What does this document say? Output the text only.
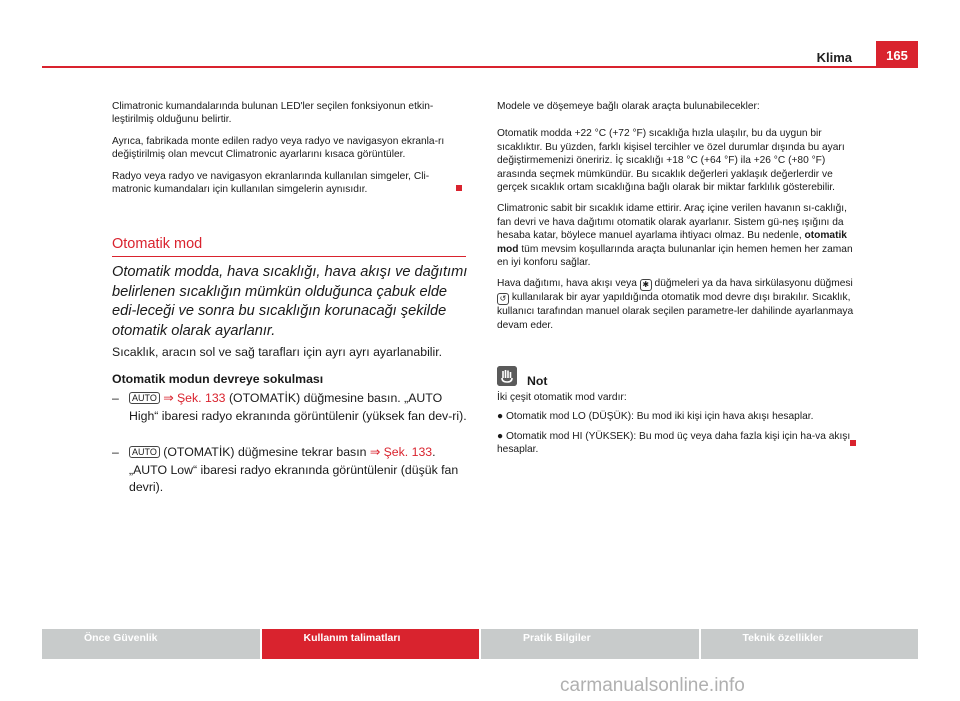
Klima	165

Climatronic kumandalarında bulunan LED'ler seçilen fonksiyonun etkin-leştirilmiş olduğunu belirtir.

Ayrıca, fabrikada monte edilen radyo veya radyo ve navigasyon ekranla-rı değiştirilmiş olan mevcut Climatronic ayarlarını kısaca görüntüler.

Radyo veya radyo ve navigasyon ekranlarında kullanılan simgeler, Cli-matronic kumandaları için kullanılan simgelerin aynısıdır.

Otomatik mod
Otomatik modda, hava sıcaklığı, hava akışı ve dağıtımı belirlenen sıcaklığın mümkün olduğunca çabuk elde edi-leceği ve sonra bu sıcaklığın korunacağı şekilde otomatik olarak ayarlanır.

Sıcaklık, aracın sol ve sağ tarafları için ayrı ayrı ayarlanabilir.

Otomatik modun devreye sokulması
–	AUTO ⇒ Şek. 133 (OTOMATİK) düğmesine basın. „AUTO High“ ibaresi radyo ekranında görüntülenir (yüksek fan dev-ri).
–	AUTO (OTOMATİK) düğmesine tekrar basın ⇒ Şek. 133. „AUTO Low“ ibaresi radyo ekranında görüntülenir (düşük fan devri).

Modele ve döşemeye bağlı olarak araçta bulunabilecekler:

Otomatik modda +22 °C (+72 °F) sıcaklığa hızla ulaşılır, bu da uygun bir sıcaklıktır. Bu yüzden, farklı kişisel tercihler ve özel durumlar dışında bu ayarı değiştirmemenizi öneririz. İç sıcaklığı +18 °C (+64 °F) ila +26 °C (+80 °F) arasında seçmek mümkündür. Bu sıcaklık değerleri yaklaşık değerlerdir ve gerçek sıcaklık ortam sıcaklığına bağlı olarak bir miktar farklılık gösterebilir.

Climatronic sabit bir sıcaklık idame ettirir. Araç içine verilen havanın sı-caklığı, fan devri ve hava dağıtımı otomatik olarak ayarlanır. Sistem gü-neş ışığını da hesaba katar, böylece manuel ayarlama ihtiyacı olmaz. Bu nedenle, otomatik mod tüm mevsim koşullarında araçta bulunanlar için hemen hemen her zaman en iyi konforu sağlar.

Hava dağıtımı, hava akışı veya ✱ düğmeleri ya da hava sirkülasyonu düğmesi ↺ kullanılarak bir ayar yapıldığında otomatik mod devre dışı bırakılır. Sıcaklık, kullanıcı tarafından manuel olarak seçilen parametre-ler dahilinde ayarlanmaya devam eder.

Not

İki çeşit otomatik mod vardır:

● Otomatik mod LO (DÜŞÜK): Bu mod iki kişi için hava akışı hesaplar.

● Otomatik mod HI (YÜKSEK): Bu mod üç veya daha fazla kişi için ha-va akışı hesaplar.

Önce Güvenlik	Kullanım talimatları	Pratik Bilgiler	Teknik özellikler
carmanualsonline.info
